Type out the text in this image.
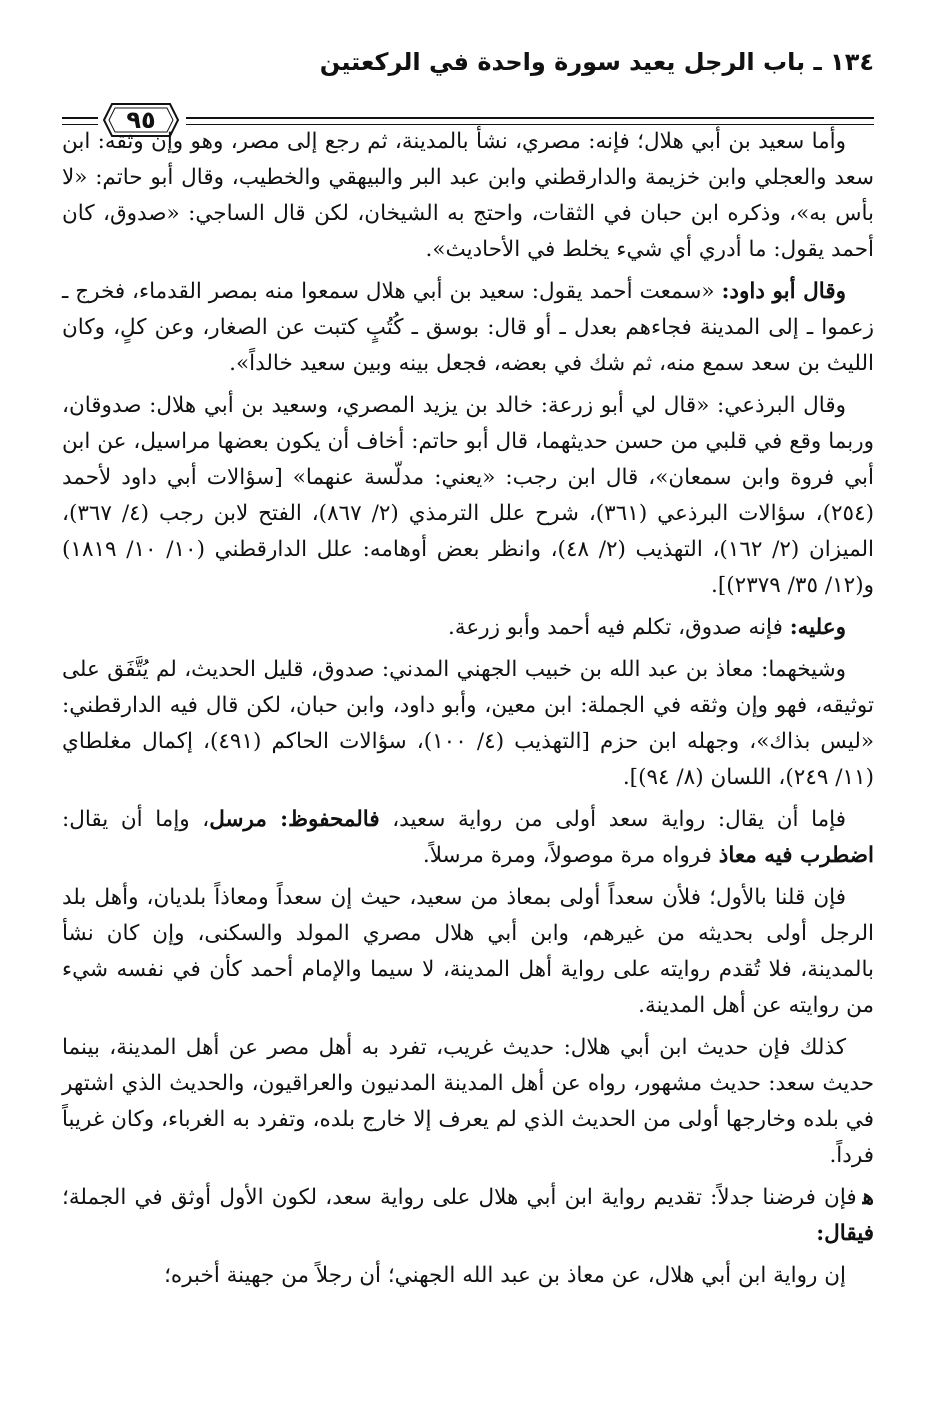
١٣٤ ـ باب الرجل يعيد سورة واحدة في الركعتين
٩٥

وأما سعيد بن أبي هلال؛ فإنه: مصري، نشأ بالمدينة، ثم رجع إلى مصر، وهو وإن وثقه: ابن سعد والعجلي وابن خزيمة والدارقطني وابن عبد البر والبيهقي والخطيب، وقال أبو حاتم: «لا بأس به»، وذكره ابن حبان في الثقات، واحتج به الشيخان، لكن قال الساجي: «صدوق، كان أحمد يقول: ما أدري أي شيء يخلط في الأحاديث».

وقال أبو داود: «سمعت أحمد يقول: سعيد بن أبي هلال سمعوا منه بمصر القدماء، فخرج ـ زعموا ـ إلى المدينة فجاءهم بعدل ـ أو قال: بوسق ـ كُتُبٍ كتبت عن الصغار، وعن كلٍ، وكان الليث بن سعد سمع منه، ثم شك في بعضه، فجعل بينه وبين سعيد خالداً».

وقال البرذعي: «قال لي أبو زرعة: خالد بن يزيد المصري، وسعيد بن أبي هلال: صدوقان، وربما وقع في قلبي من حسن حديثهما، قال أبو حاتم: أخاف أن يكون بعضها مراسيل، عن ابن أبي فروة وابن سمعان»، قال ابن رجب: «يعني: مدلّسة عنهما» [سؤالات أبي داود لأحمد (٢٥٤)، سؤالات البرذعي (٣٦١)، شرح علل الترمذي (٢/ ٨٦٧)، الفتح لابن رجب (٤/ ٣٦٧)، الميزان (٢/ ١٦٢)، التهذيب (٢/ ٤٨)، وانظر بعض أوهامه: علل الدارقطني (١٠/ ١٠/ ١٨١٩) و(١٢/ ٣٥/ ٢٣٧٩)].

وعليه: فإنه صدوق، تكلم فيه أحمد وأبو زرعة.

وشيخهما: معاذ بن عبد الله بن خبيب الجهني المدني: صدوق، قليل الحديث، لم يُتَّفَق على توثيقه، فهو وإن وثقه في الجملة: ابن معين، وأبو داود، وابن حبان، لكن قال فيه الدارقطني: «ليس بذاك»، وجهله ابن حزم [التهذيب (٤/ ١٠٠)، سؤالات الحاكم (٤٩١)، إكمال مغلطاي (١١/ ٢٤٩)، اللسان (٨/ ٩٤)].

فإما أن يقال: رواية سعد أولى من رواية سعيد، فالمحفوظ: مرسل، وإما أن يقال: اضطرب فيه معاذ فرواه مرة موصولاً، ومرة مرسلاً.

فإن قلنا بالأول؛ فلأن سعداً أولى بمعاذ من سعيد، حيث إن سعداً ومعاذاً بلديان، وأهل بلد الرجل أولى بحديثه من غيرهم، وابن أبي هلال مصري المولد والسكنى، وإن كان نشأ بالمدينة، فلا تُقدم روايته على رواية أهل المدينة، لا سيما والإمام أحمد كأن في نفسه شيء من روايته عن أهل المدينة.

كذلك فإن حديث ابن أبي هلال: حديث غريب، تفرد به أهل مصر عن أهل المدينة، بينما حديث سعد: حديث مشهور، رواه عن أهل المدينة المدنيون والعراقيون، والحديث الذي اشتهر في بلده وخارجها أولى من الحديث الذي لم يعرف إلا خارج بلده، وتفرد به الغرباء، وكان غريباً فرداً.

ﻫفإن فرضنا جدلاً: تقديم رواية ابن أبي هلال على رواية سعد، لكون الأول أوثق في الجملة؛ فيقال:

إن رواية ابن أبي هلال، عن معاذ بن عبد الله الجهني؛ أن رجلاً من جهينة أخبره؛
